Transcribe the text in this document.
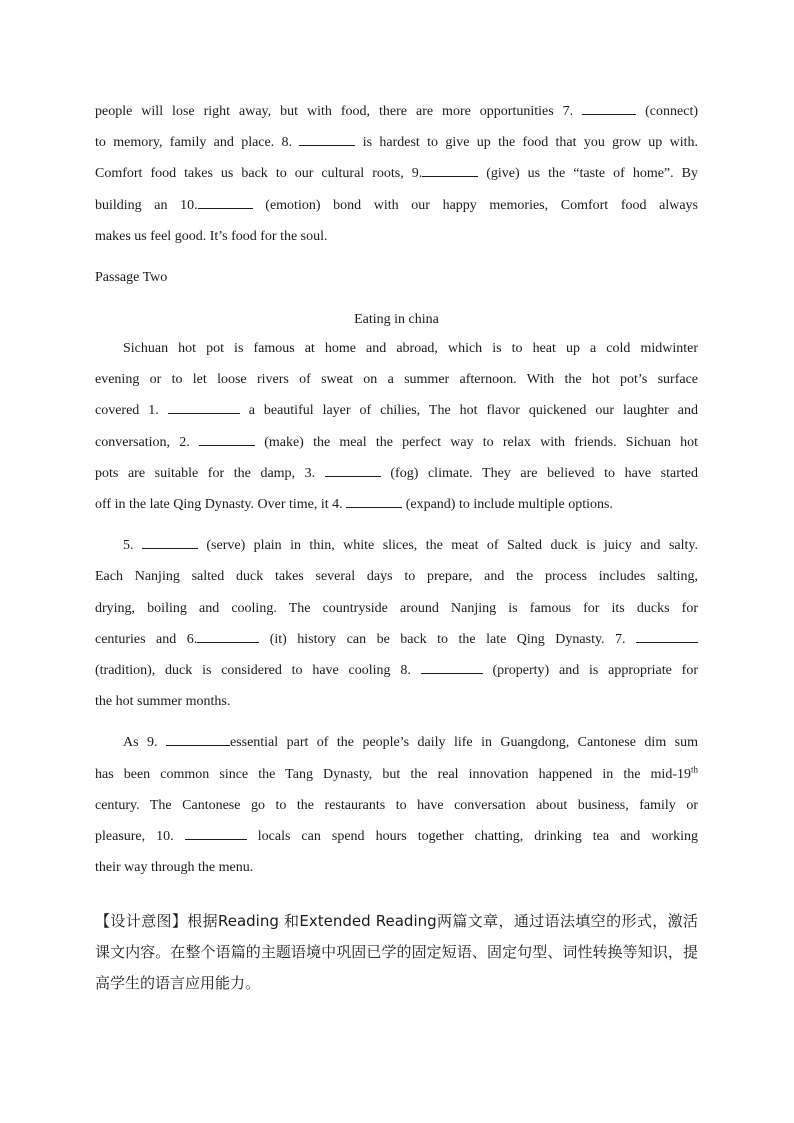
people will lose right away, but with food, there are more opportunities 7.	(connect)

to memory, family and place. 8.	is hardest to give up the food that you grow up with.

Comfort food takes us back to our cultural roots, 9.	(give) us the “taste of home”. By

building an 10.	(emotion) bond with our happy memories, Comfort food always

makes us feel good. It’s food for the soul.

Passage Two

Eating in china

Sichuan hot pot is famous at home and abroad, which is to heat up a cold midwinter

evening or to let loose rivers of sweat on a summer afternoon. With the hot pot’s surface

covered 1.	a beautiful layer of chilies, The hot flavor quickened our laughter and

conversation, 2.	(make) the meal the perfect way to relax with friends. Sichuan hot

pots are suitable for the damp, 3.	(fog) climate. They are believed to have started

off in the late Qing Dynasty. Over time, it 4.	(expand) to include multiple options.

5.	(serve) plain in thin, white slices, the meat of Salted duck is juicy and salty.

Each Nanjing salted duck takes several days to prepare, and the process includes salting,

drying, boiling and cooling. The countryside around Nanjing is famous for its ducks for

centuries and 6.	(it) history can be back to the late Qing Dynasty. 7.

(tradition), duck is considered to have cooling 8.	(property) and is appropriate for

the hot summer months.

As 9.	essential part of the people’s daily life in Guangdong, Cantonese dim sum

has been common since the Tang Dynasty, but the real innovation happened in the mid-19th

century. The Cantonese go to the restaurants to have conversation about business, family or

pleasure, 10.	locals can spend hours together chatting, drinking tea and working

their way through the menu.

【设计意图】根据Reading 和Extended Reading两篇文章，通过语法填空的形式，激活课文内容。在整个语篇的主题语境中巩固已学的固定短语、固定句型、词性转换等知识，提高学生的语言应用能力。
